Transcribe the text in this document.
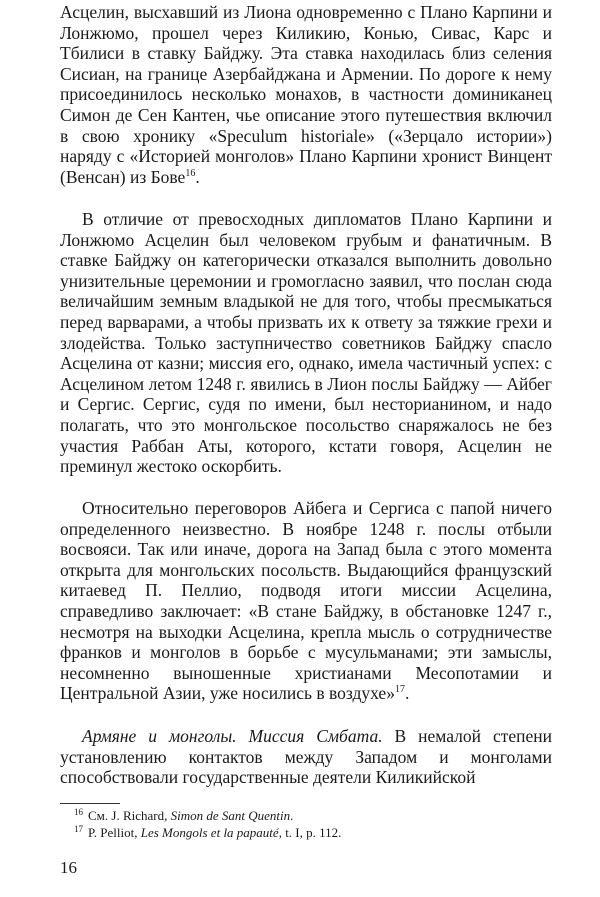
Асцелин, высхавший из Лиона одновременно с Плано Карпини и Лонжюмо, прошел через Киликию, Конью, Сивас, Карс и Тбилиси в ставку Байджу. Эта ставка находилась близ селения Сисиан, на границе Азербайджана и Армении. По дороге к нему присоединилось несколько монахов, в частности доминиканец Симон де Сен Кантен, чье описание этого путешествия включил в свою хронику «Speculum historiale» («Зерцало истории») наряду с «Историей монголов» Плано Карпини хронист Винцент (Венсан) из Бове$^{16}$.

В отличие от превосходных дипломатов Плано Карпини и Лонжюмо Асцелин был человеком грубым и фанатичным. В ставке Байджу он категорически отказался выполнить довольно унизительные церемонии и громогласно заявил, что послан сюда величайшим земным владыкой не для того, чтобы пресмыкаться перед варварами, а чтобы призвать их к ответу за тяжкие грехи и злодейства. Только заступничество советников Байджу спасло Асцелина от казни; миссия его, однако, имела частичный успех: с Асцелином летом 1248 г. явились в Лион послы Байджу — Айбег и Сергис. Сергис, судя по имени, был несторианином, и надо полагать, что это монгольское посольство снаряжалось не без участия Раббан Аты, которого, кстати говоря, Асцелин не преминул жестоко оскорбить.

Относительно переговоров Айбега и Сергиса с папой ничего определенного неизвестно. В ноябре 1248 г. послы отбыли восвояси. Так или иначе, дорога на Запад была с этого момента открыта для монгольских посольств. Выдающийся французский китаевед П. Пеллио, подводя итоги миссии Асцелина, справедливо заключает: «В стане Байджу, в обстановке 1247 г., несмотря на выходки Асцелина, крепла мысль о сотрудничестве франков и монголов в борьбе с мусульманами; эти замыслы, несомненно выношенные христианами Месопотамии и Центральной Азии, уже носились в воздухе»$^{17}$.

Армяне и монголы. Миссия Смбата. В немалой степени установлению контактов между Западом и монголами способствовали государственные деятели Киликийской

$^{16}$ См. J. Richard, Simon de Sant Quentin.

$^{17}$ P. Pelliot, Les Mongols et la papauté, t. I, p. 112.

16
